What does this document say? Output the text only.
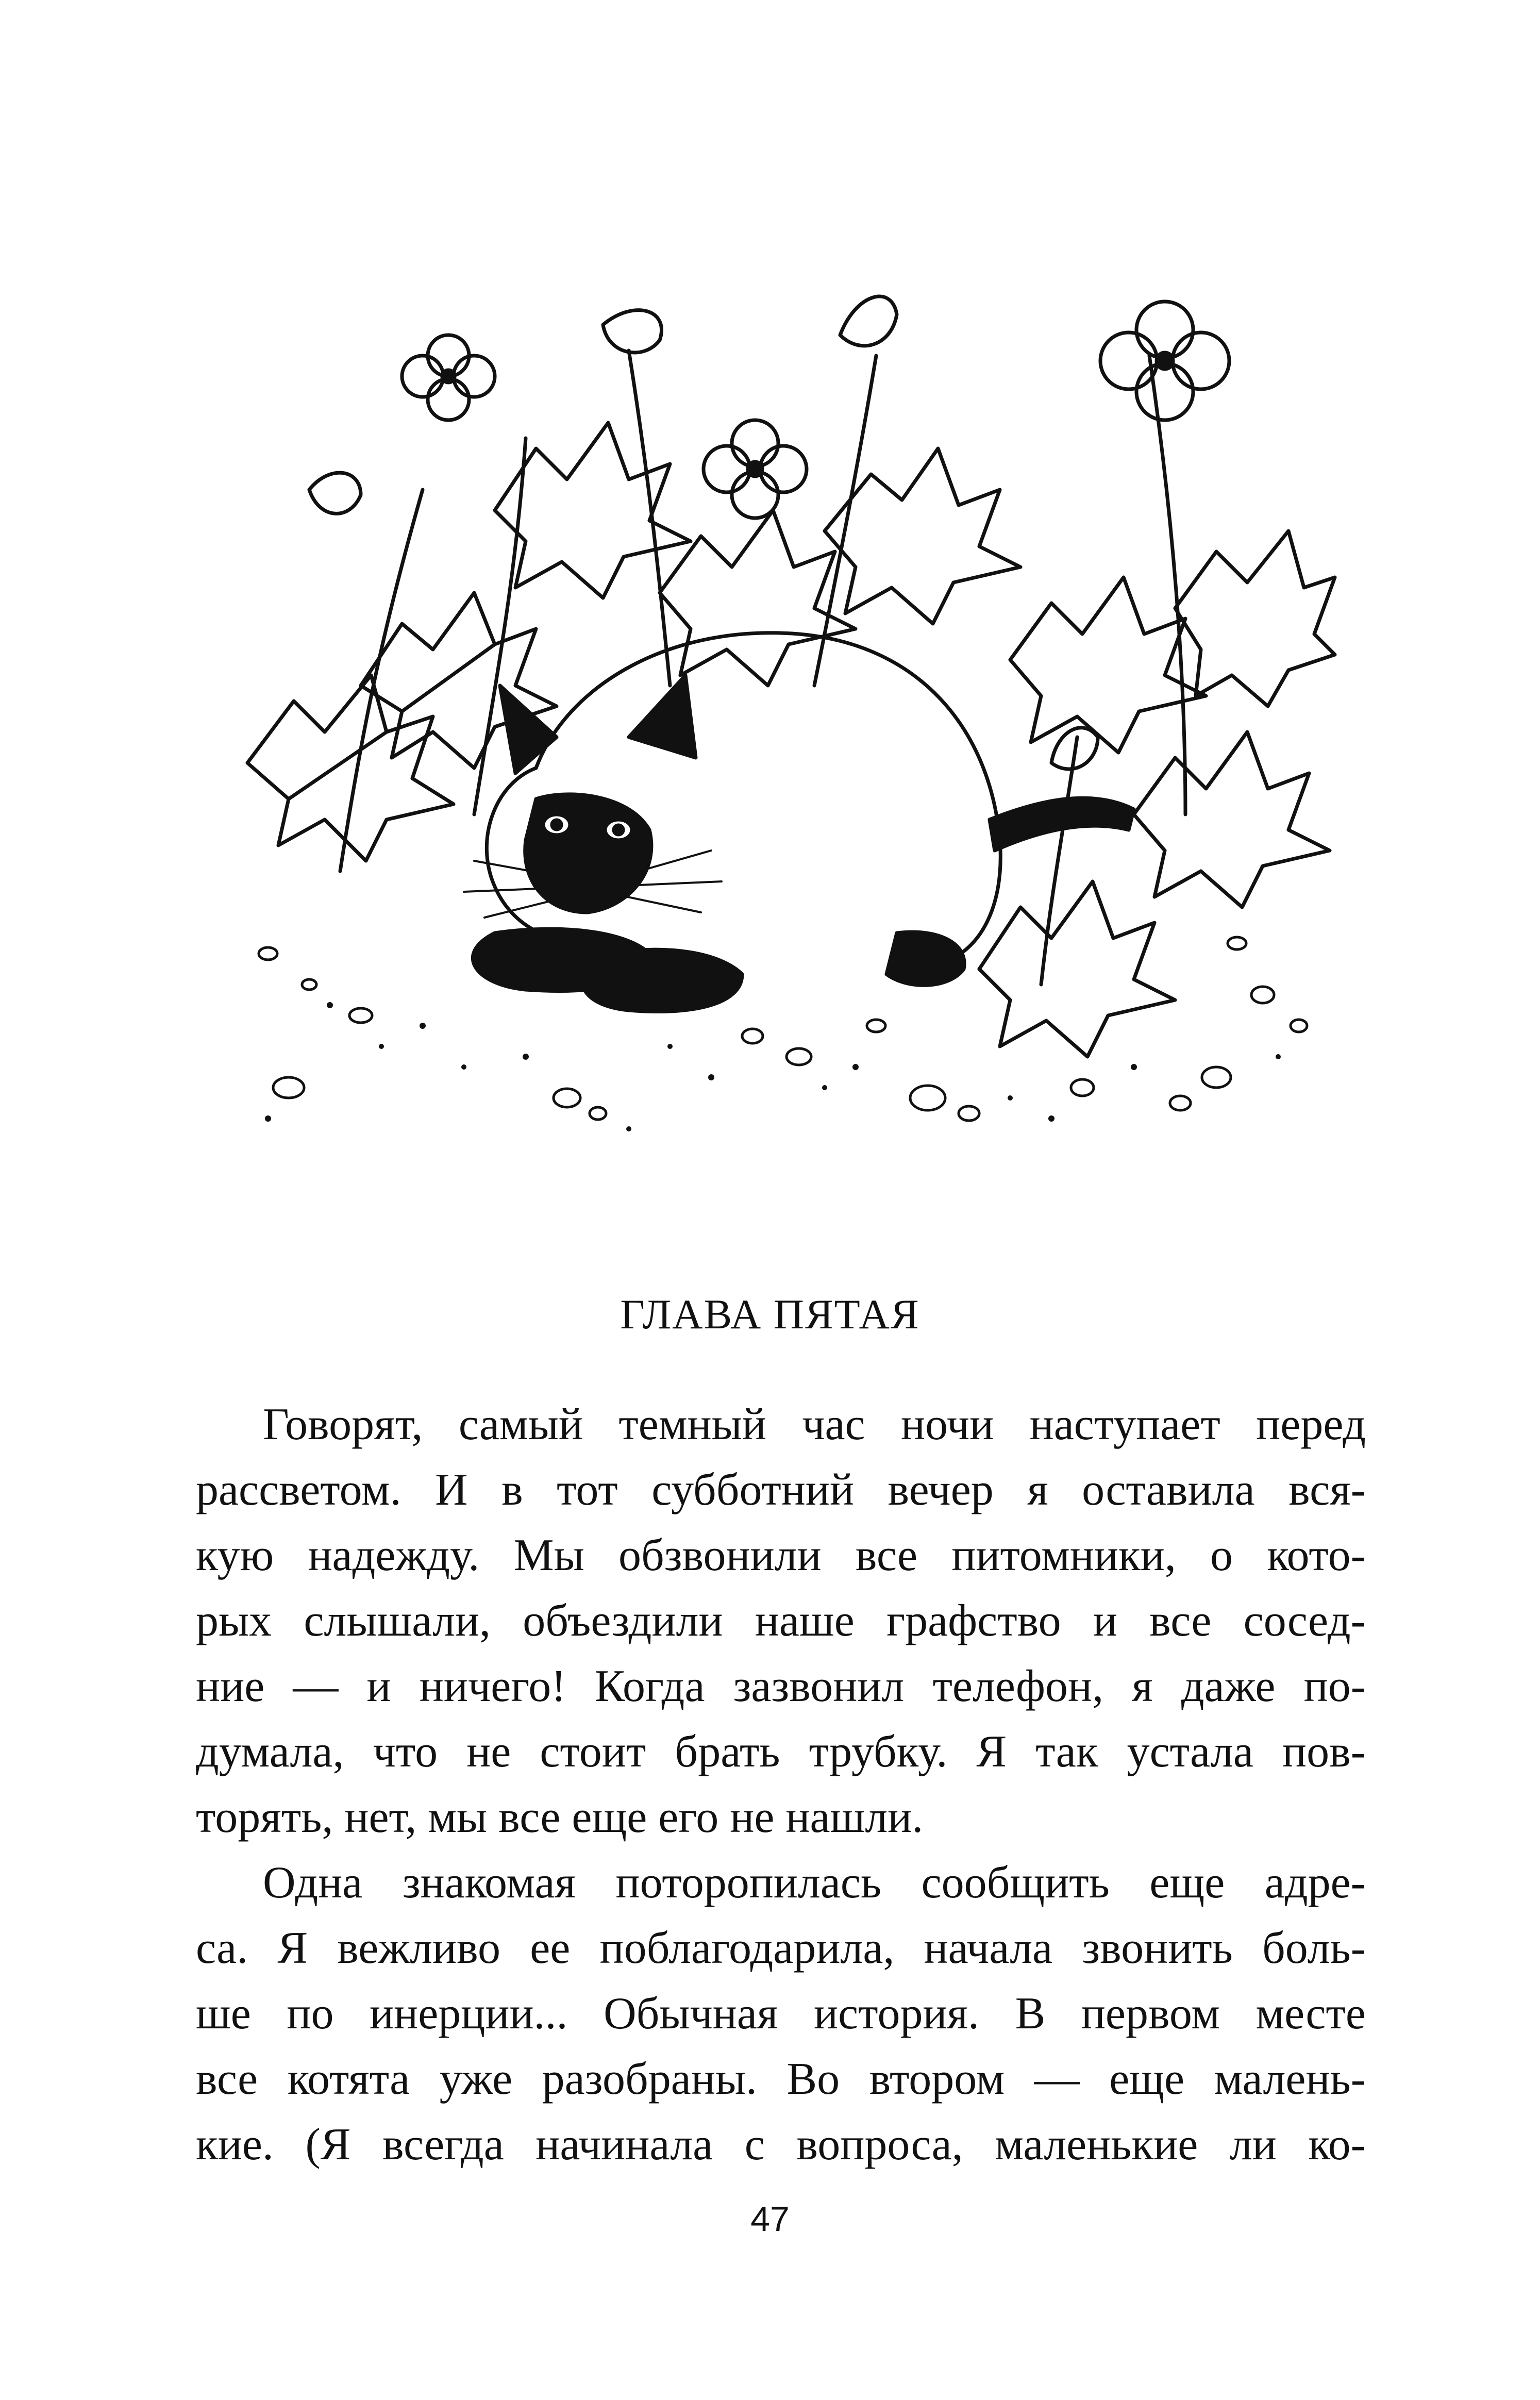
ГЛАВА ПЯТАЯ
Говорят, самый темный час ночи наступает перед
рассветом. И в тот субботний вечер я оставила вся-
кую надежду. Мы обзвонили все питомники, о кото-
рых слышали, объездили наше графство и все сосед-
ние — и ничего! Когда зазвонил телефон, я даже по-
думала, что не стоит брать трубку. Я так устала пов-
торять, нет, мы все еще его не нашли.
Одна знакомая поторопилась сообщить еще адре-
са. Я вежливо ее поблагодарила, начала звонить боль-
ше по инерции... Обычная история. В первом месте
все котята уже разобраны. Во втором — еще малень-
кие. (Я всегда начинала с вопроса, маленькие ли ко-
47
